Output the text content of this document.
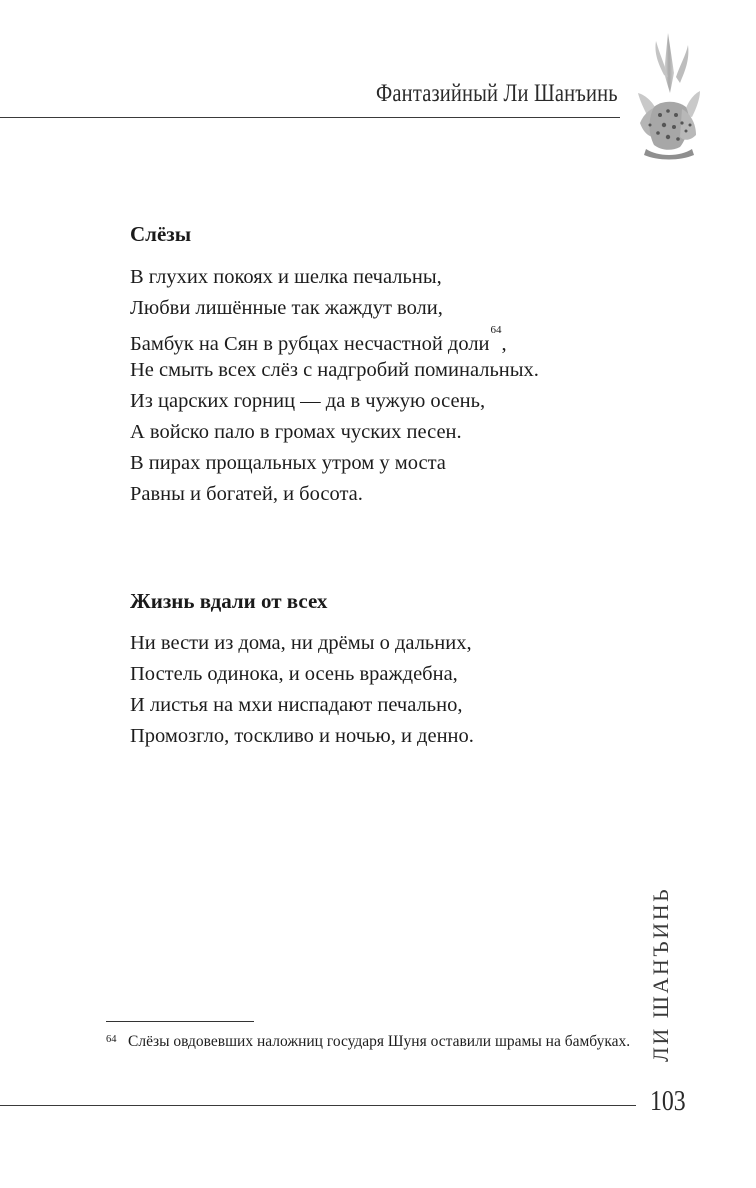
Фантазийный Ли Шанъинь
Слёзы
В глухих покоях и шелка печальны,
Любви лишённые так жаждут воли,
Бамбук на Сян в рубцах несчастной доли$^{64}$,
Не смыть всех слёз с надгробий поминальных.
Из царских горниц — да в чужую осень,
А войско пало в громах чуских песен.
В пирах прощальных утром у моста
Равны и богатей, и босота.
Жизнь вдали от всех
Ни вести из дома, ни дрёмы о дальних,
Постель одинока, и осень враждебна,
И листья на мхи ниспадают печально,
Промозгло, тоскливо и ночью, и денно.
64 Слёзы овдовевших наложниц государя Шуня оставили шрамы на бамбуках. ЛИ ШАНЪИНЬ
103
